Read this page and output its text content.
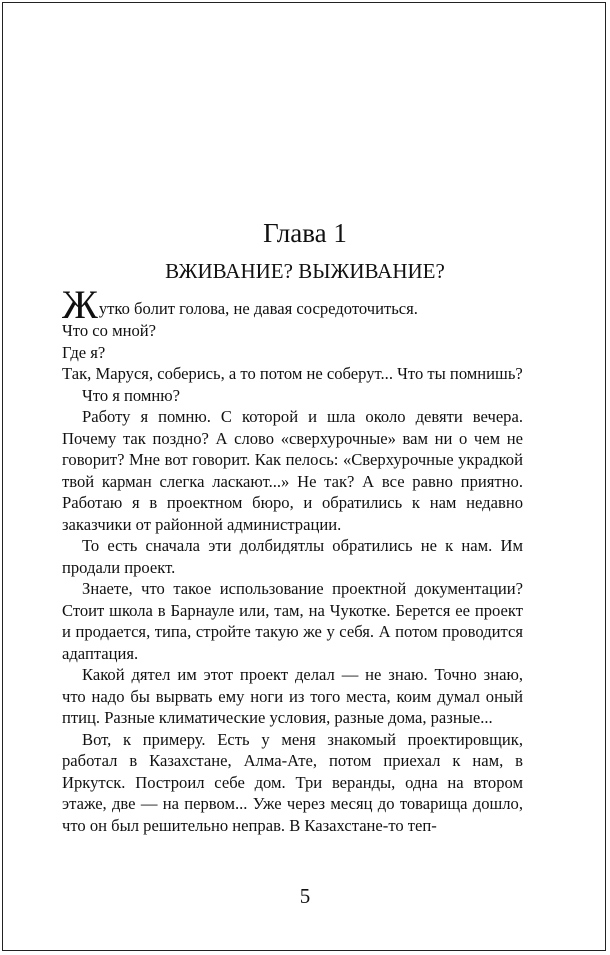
Глава 1
ВЖИВАНИЕ? ВЫЖИВАНИЕ?

Жутко болит голова, не давая сосредоточиться.

Что со мной?

Где я?

Так, Маруся, соберись, а то потом не соберут... Что ты помнишь?

Что я помню?

Работу я помню. С которой и шла около девяти вечера. Почему так поздно? А слово «сверхурочные» вам ни о чем не говорит? Мне вот говорит. Как пелось: «Сверхурочные украдкой твой карман слегка ласкают...» Не так? А все равно приятно. Работаю я в проектном бюро, и обратились к нам недавно заказчики от районной администрации.

То есть сначала эти долбидятлы обратились не к нам. Им продали проект.

Знаете, что такое использование проектной документации? Стоит школа в Барнауле или, там, на Чукотке. Берется ее проект и продается, типа, стройте такую же у себя. А потом проводится адаптация.

Какой дятел им этот проект делал — не знаю. Точно знаю, что надо бы вырвать ему ноги из того места, коим думал оный птиц. Разные климатические условия, разные дома, разные...

Вот, к примеру. Есть у меня знакомый проектировщик, работал в Казахстане, Алма-Ате, потом приехал к нам, в Иркутск. Построил себе дом. Три веранды, одна на втором этаже, две — на первом... Уже через месяц до товарища дошло, что он был решительно неправ. В Казахстане-то теп-

5
